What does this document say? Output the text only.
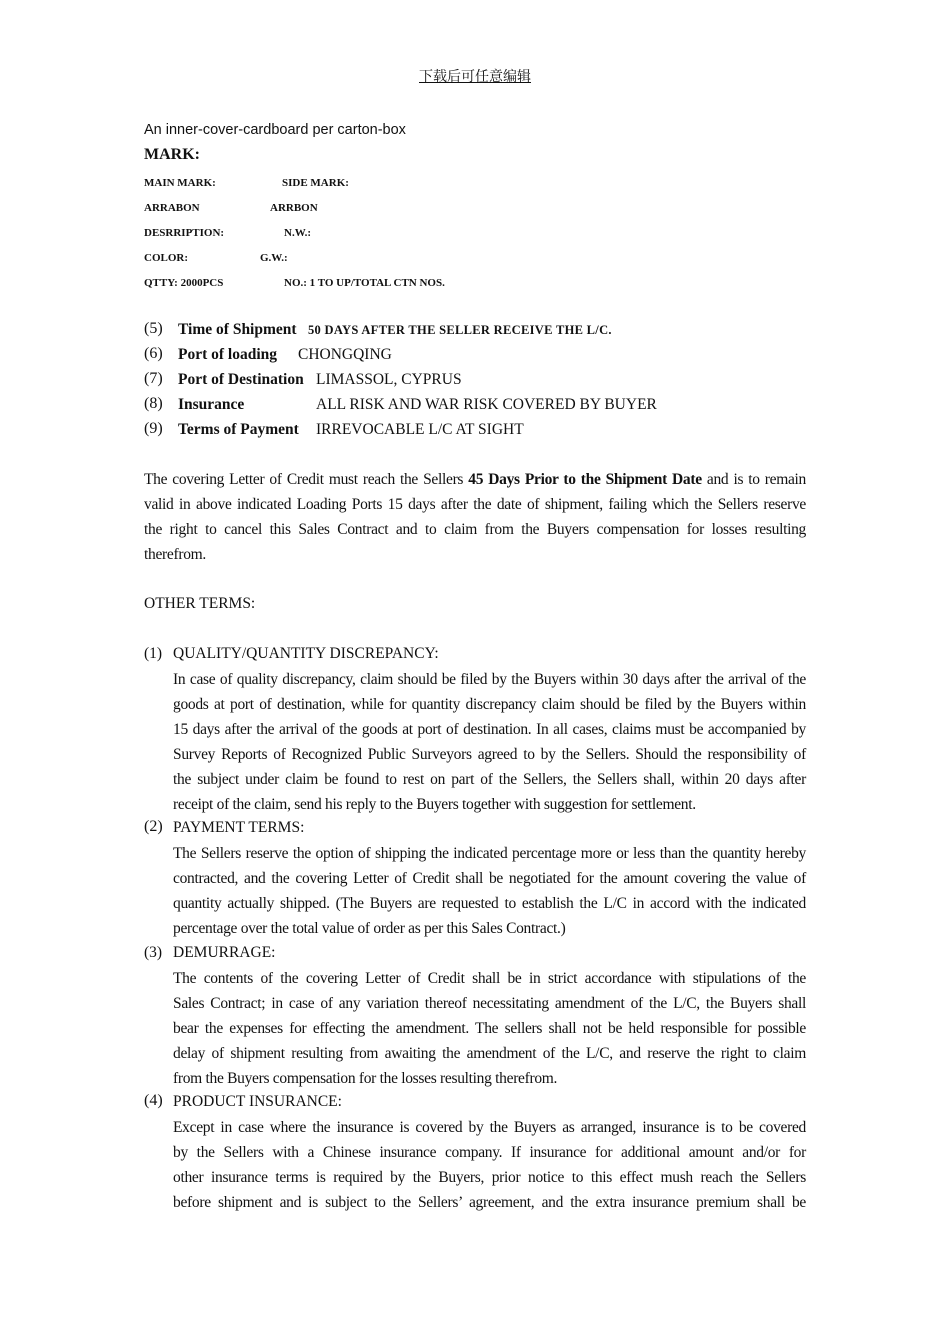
下载后可任意编辑
An inner-cover-cardboard per carton-box
MARK:
MAIN MARK:	SIDE MARK:
ARRABON	ARRBON
DESRRIPTION:	N.W.:
COLOR:	G.W.:
QTTY: 2000PCS	NO.: 1 TO UP/TOTAL CTN NOS.
(5) Time of Shipment 50 DAYS AFTER THE SELLER RECEIVE THE L/C.
(6) Port of loading CHONGQING
(7) Port of Destination LIMASSOL, CYPRUS
(8) Insurance	ALL RISK AND WAR RISK COVERED BY BUYER
(9) Terms of Payment IRREVOCABLE L/C AT SIGHT
The covering Letter of Credit must reach the Sellers 45 Days Prior to the Shipment Date and is to remain
valid in above indicated Loading Ports 15 days after the date of shipment, failing which the Sellers reserve
the right to cancel this Sales Contract and to claim from the Buyers compensation for losses resulting
therefrom.
OTHER TERMS:
(1) QUALITY/QUANTITY DISCREPANCY:
In case of quality discrepancy, claim should be filed by the Buyers within 30 days after the arrival of the
goods at port of destination, while for quantity discrepancy claim should be filed by the Buyers within
15 days after the arrival of the goods at port of destination. In all cases, claims must be accompanied by
Survey Reports of Recognized Public Surveyors agreed to by the Sellers. Should the responsibility of
the subject under claim be found to rest on part of the Sellers, the Sellers shall, within 20 days after
receipt of the claim, send his reply to the Buyers together with suggestion for settlement.
(2) PAYMENT TERMS:
The Sellers reserve the option of shipping the indicated percentage more or less than the quantity hereby
contracted, and the covering Letter of Credit shall be negotiated for the amount covering the value of
quantity actually shipped. (The Buyers are requested to establish the L/C in accord with the indicated
percentage over the total value of order as per this Sales Contract.)
(3) DEMURRAGE:
The contents of the covering Letter of Credit shall be in strict accordance with stipulations of the
Sales Contract; in case of any variation thereof necessitating amendment of the L/C, the Buyers shall
bear the expenses for effecting the amendment. The sellers shall not be held responsible for possible
delay of shipment resulting from awaiting the amendment of the L/C, and reserve the right to claim
from the Buyers compensation for the losses resulting therefrom.
(4) PRODUCT INSURANCE:
Except in case where the insurance is covered by the Buyers as arranged, insurance is to be covered
by the Sellers with a Chinese insurance company. If insurance for additional amount and/or for
other insurance terms is required by the Buyers, prior notice to this effect mush reach the Sellers
before shipment and is subject to the Sellers’ agreement, and the extra insurance premium shall be
